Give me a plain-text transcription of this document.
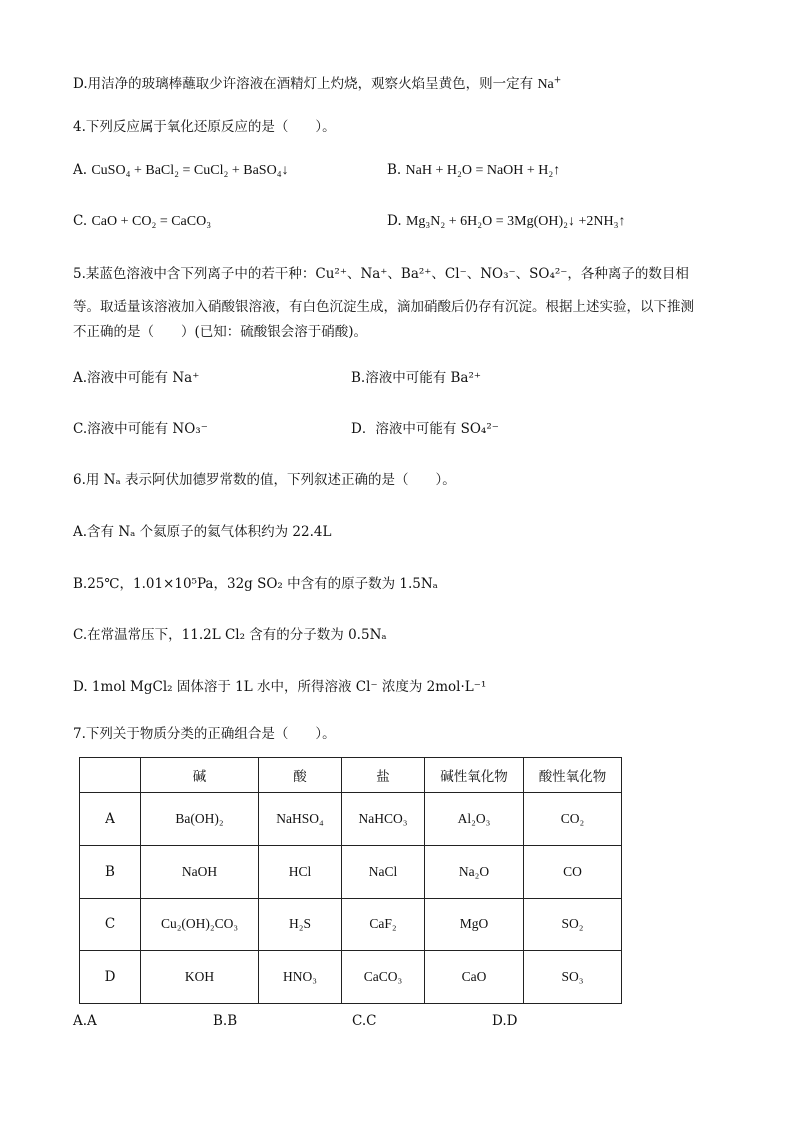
D.用洁净的玻璃棒蘸取少许溶液在酒精灯上灼烧，观察火焰呈黄色，则一定有 Na+
4.下列反应属于氧化还原反应的是（　　）。
A. CuSO₄ + BaCl₂ = CuCl₂ + BaSO₄↓	B. NaH + H₂O = NaOH + H₂↑
C. CaO + CO₂ = CaCO₃	D. Mg₃N₂ + 6H₂O = 3Mg(OH)₂↓ +2NH₃↑
5.某蓝色溶液中含下列离子中的若干种：Cu²⁺、Na⁺、Ba²⁺、Cl⁻、NO₃⁻、SO₄²⁻，各种离子的数目相
等。取适量该溶液加入硝酸银溶液，有白色沉淀生成，滴加硝酸后仍存有沉淀。根据上述实验，以下推测
不正确的是（　　）(已知：硫酸银会溶于硝酸)。
A.溶液中可能有 Na⁺	B.溶液中可能有 Ba²⁺
C.溶液中可能有 NO₃⁻	D．溶液中可能有 SO₄²⁻
6.用 Nₐ 表示阿伏加德罗常数的值，下列叙述正确的是（　　）。
A.含有 Nₐ 个氦原子的氦气体积约为 22.4L
B.25℃，1.01×10⁵Pa，32g SO₂ 中含有的原子数为 1.5Nₐ
C.在常温常压下，11.2L Cl₂ 含有的分子数为 0.5Nₐ
D. 1mol MgCl₂ 固体溶于 1L 水中，所得溶液 Cl⁻ 浓度为 2mol·L⁻¹
7.下列关于物质分类的正确组合是（　　）。
	碱	酸	盐	碱性氧化物	酸性氧化物
A	Ba(OH)₂	NaHSO₄	NaHCO₃	Al₂O₃	CO₂
B	NaOH	HCl	NaCl	Na₂O	CO
C	Cu₂(OH)₂CO₃	H₂S	CaF₂	MgO	SO₂
D	KOH	HNO₃	CaCO₃	CaO	SO₃
A.A	B.B	C.C	D.D
